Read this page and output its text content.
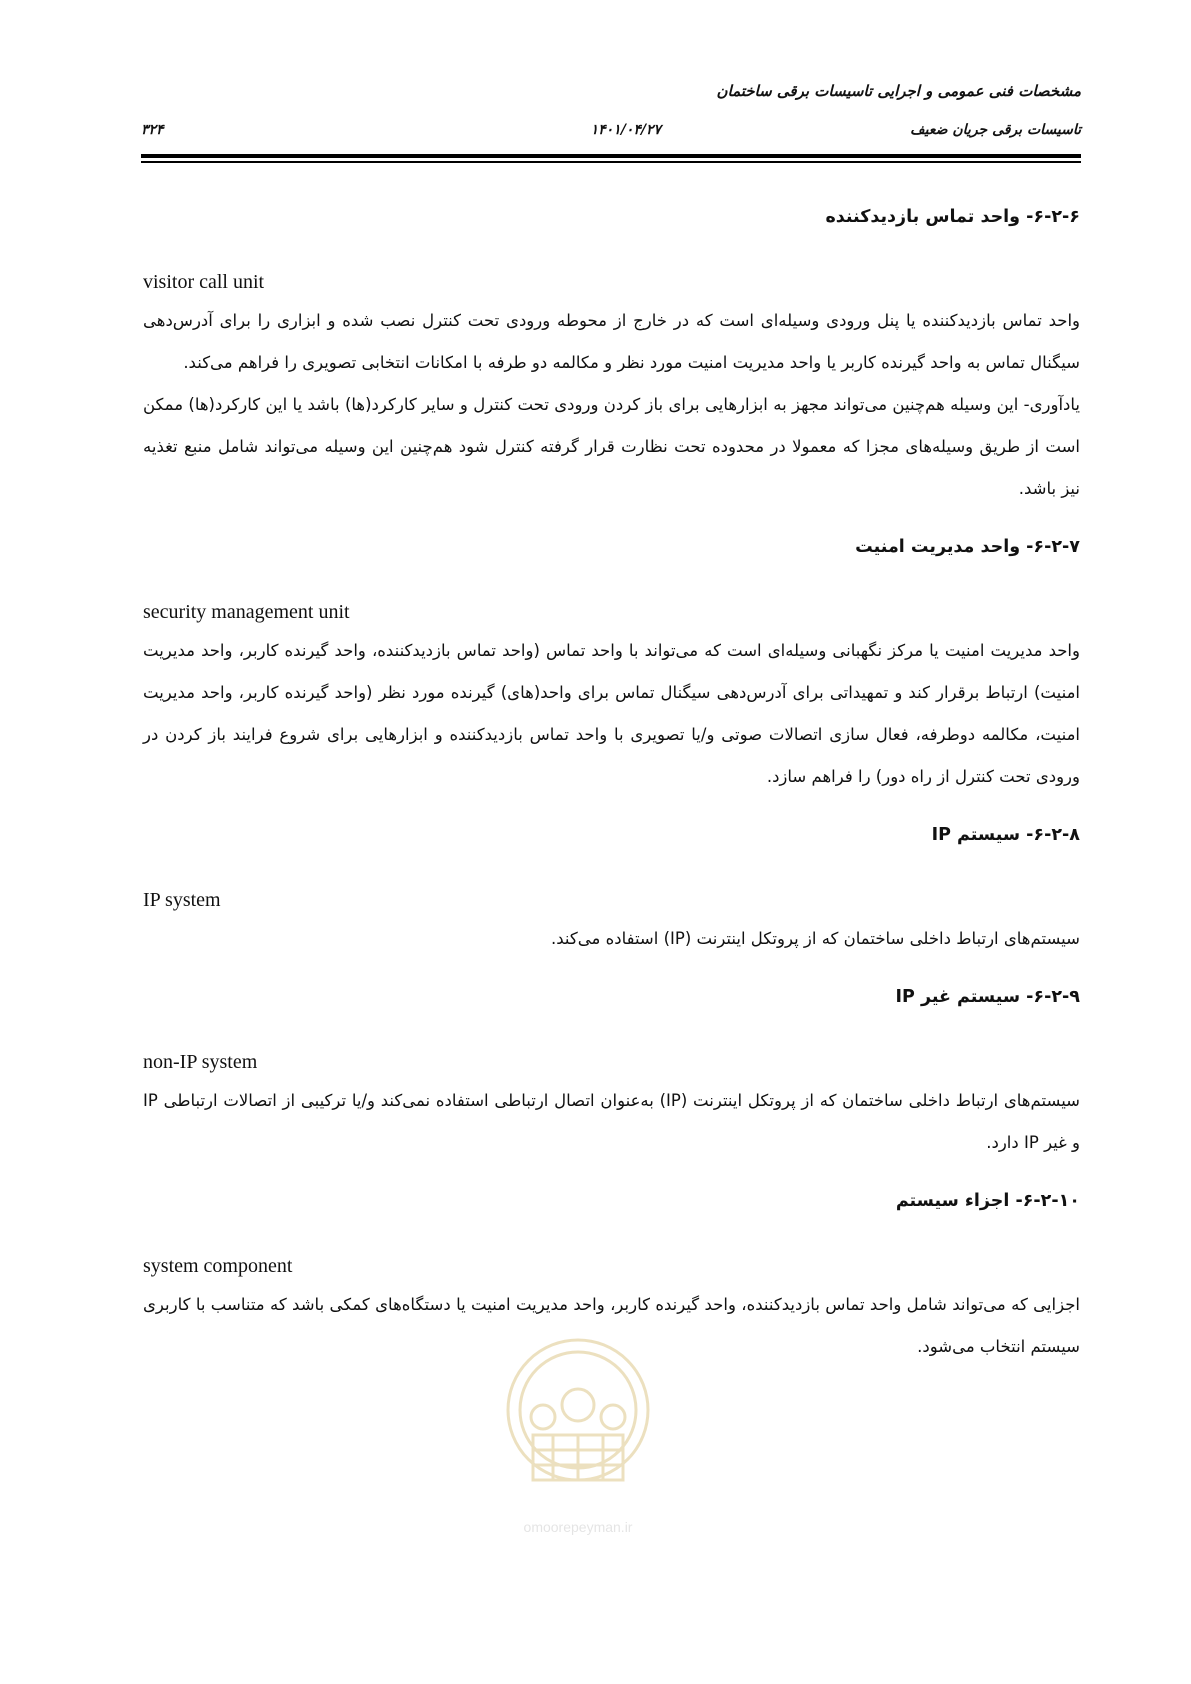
مشخصات فنی عمومی و اجرایی تاسیسات برقی ساختمان
تاسیسات برقی جریان ضعیف
۱۴۰۱/۰۴/۲۷
۳۲۴
۶-۲-۶- واحد تماس بازدیدکننده
visitor call unit

واحد تماس بازدیدکننده یا پنل ورودی وسیله‌ای است که در خارج از محوطه ورودی تحت کنترل نصب شده و ابزاری را برای آدرس‌دهی سیگنال تماس به واحد گیرنده کاربر یا واحد مدیریت امنیت مورد نظر و مکالمه دو طرفه با امکانات انتخابی تصویری را فراهم می‌کند.

یادآوری- این وسیله هم‌چنین می‌تواند مجهز به ابزارهایی برای باز کردن ورودی تحت کنترل و سایر کارکرد(ها) باشد یا این کارکرد(ها) ممکن است از طریق وسیله‌های مجزا که معمولا در محدوده تحت نظارت قرار گرفته کنترل شود هم‌چنین این وسیله می‌تواند شامل منبع تغذیه نیز باشد.

۶-۲-۷- واحد مدیریت امنیت
security management unit

واحد مدیریت امنیت یا مرکز نگهبانی وسیله‌ای است که می‌تواند با واحد تماس (واحد تماس بازدیدکننده، واحد گیرنده کاربر، واحد مدیریت امنیت) ارتباط برقرار کند و تمهیداتی برای آدرس‌دهی سیگنال تماس برای واحد(های) گیرنده مورد نظر (واحد گیرنده کاربر، واحد مدیریت امنیت، مکالمه دوطرفه، فعال سازی اتصالات صوتی و/یا تصویری با واحد تماس بازدیدکننده و ابزارهایی برای شروع فرایند باز کردن در ورودی تحت کنترل از راه دور) را فراهم سازد.

۶-۲-۸- سیستم IP
IP system

سیستم‌های ارتباط داخلی ساختمان که از پروتکل اینترنت (IP) استفاده می‌کند.

۶-۲-۹- سیستم غیر IP
non-IP system

سیستم‌های ارتباط داخلی ساختمان که از پروتکل اینترنت (IP) به‌عنوان اتصال ارتباطی استفاده نمی‌کند و/یا ترکیبی از اتصالات ارتباطی IP و غیر IP دارد.

۶-۲-۱۰- اجزاء سیستم
system component

اجزایی که می‌تواند شامل واحد تماس بازدیدکننده، واحد گیرنده کاربر، واحد مدیریت امنیت یا دستگاه‌های کمکی باشد که متناسب با کاربری سیستم انتخاب می‌شود.

omoorepeyman.ir
